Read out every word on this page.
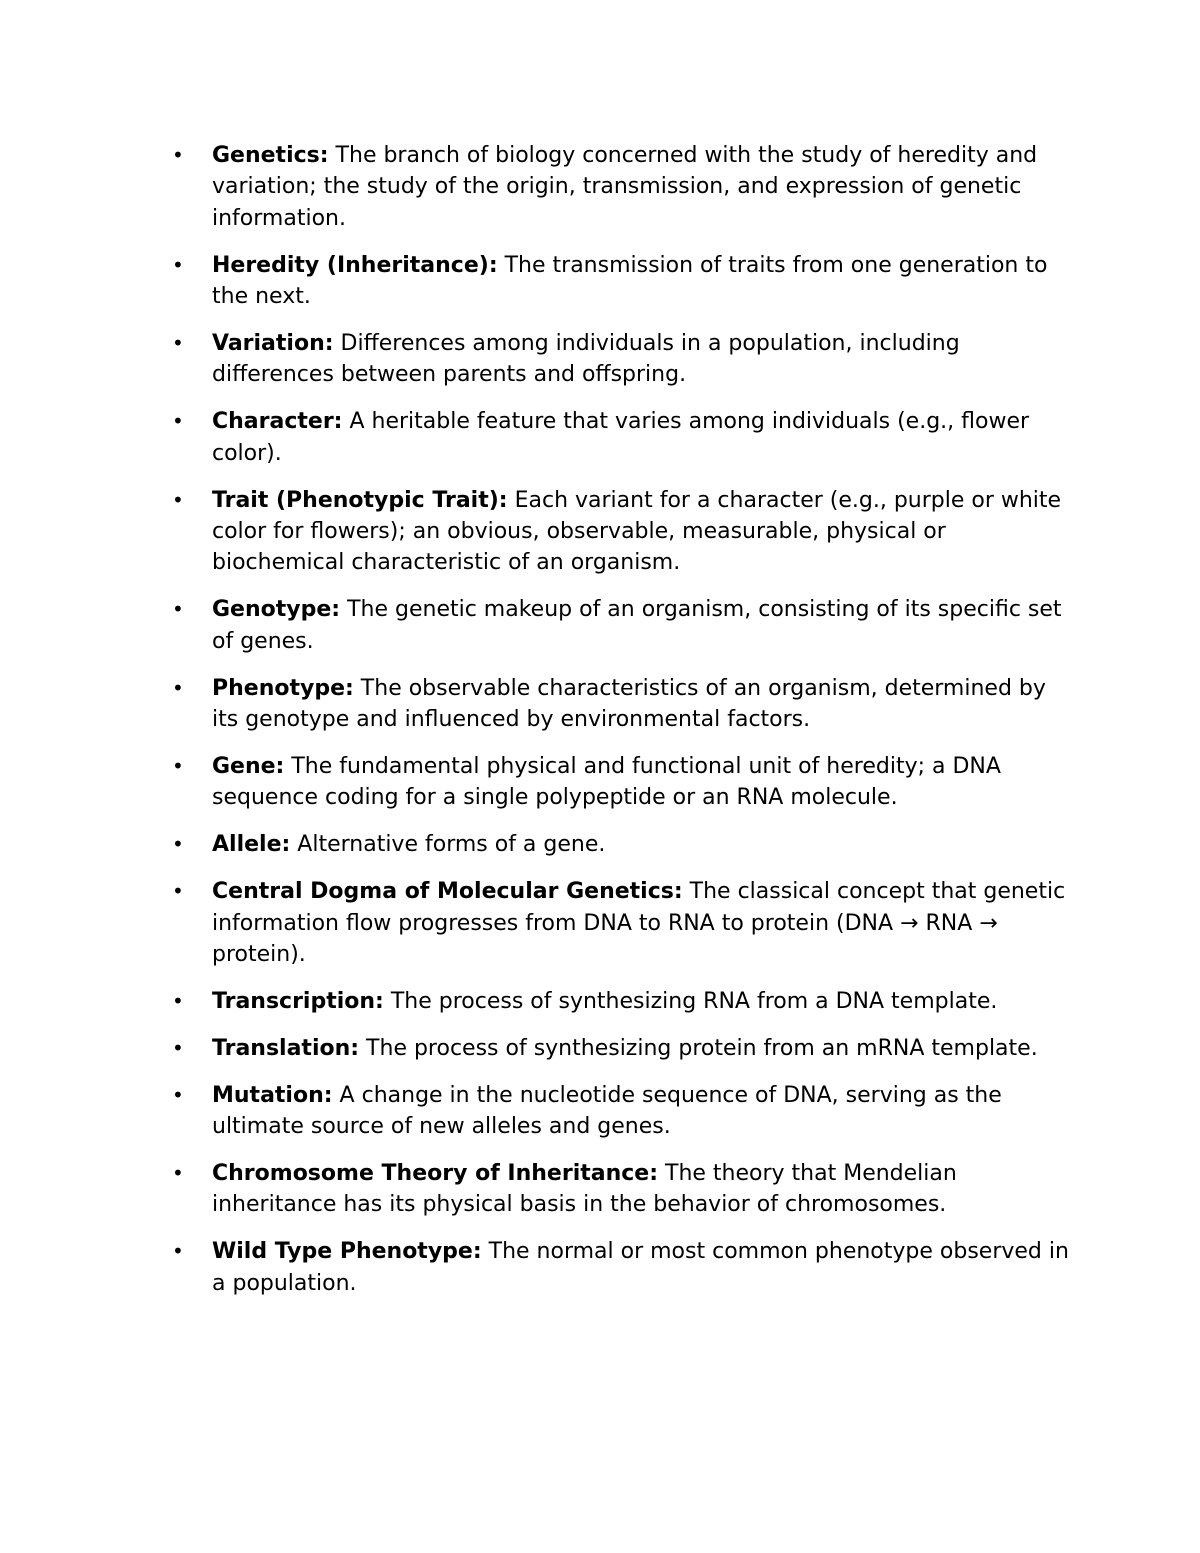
•	Genetics: The branch of biology concerned with the study of heredity and variation; the study of the origin, transmission, and expression of genetic information.
•	Heredity (Inheritance): The transmission of traits from one generation to the next.
•	Variation: Differences among individuals in a population, including differences between parents and offspring.
•	Character: A heritable feature that varies among individuals (e.g., flower color).
•	Trait (Phenotypic Trait): Each variant for a character (e.g., purple or white color for flowers); an obvious, observable, measurable, physical or biochemical characteristic of an organism.
•	Genotype: The genetic makeup of an organism, consisting of its specific set of genes.
•	Phenotype: The observable characteristics of an organism, determined by its genotype and influenced by environmental factors.
•	Gene: The fundamental physical and functional unit of heredity; a DNA sequence coding for a single polypeptide or an RNA molecule.
•	Allele: Alternative forms of a gene.
•	Central Dogma of Molecular Genetics: The classical concept that genetic information flow progresses from DNA to RNA to protein (DNA → RNA → protein).
•	Transcription: The process of synthesizing RNA from a DNA template.
•	Translation: The process of synthesizing protein from an mRNA template.
•	Mutation: A change in the nucleotide sequence of DNA, serving as the ultimate source of new alleles and genes.
•	Chromosome Theory of Inheritance: The theory that Mendelian inheritance has its physical basis in the behavior of chromosomes.
•	Wild Type Phenotype: The normal or most common phenotype observed in a population.
